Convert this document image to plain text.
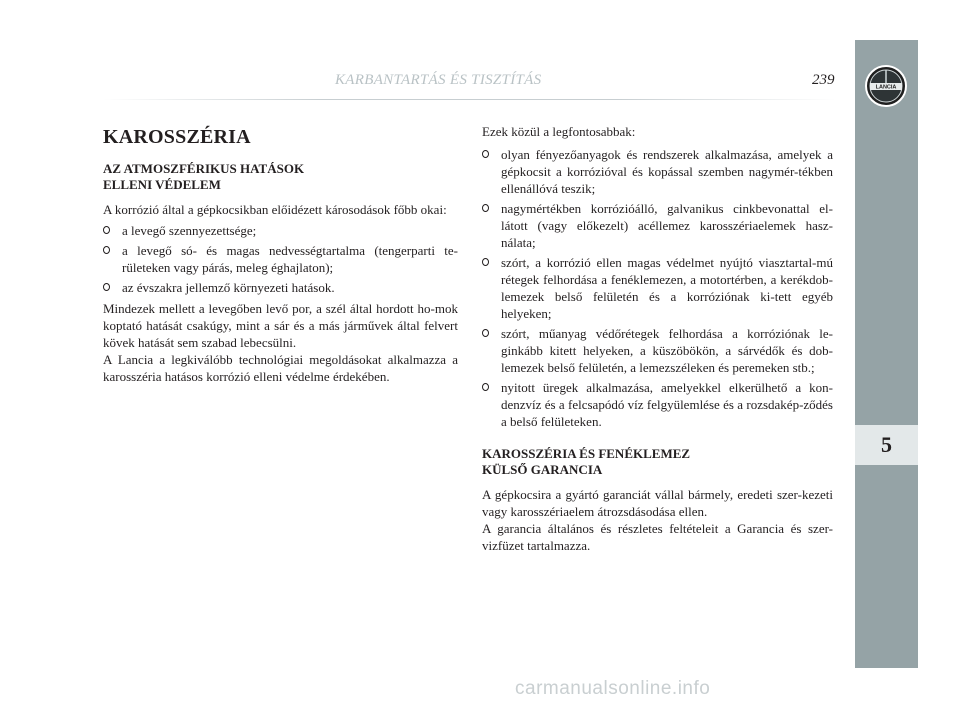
KARBANTARTÁS ÉS TISZTÍTÁS	239	LANCIA
5
KAROSSZÉRIA
AZ ATMOSZFÉRIKUS HATÁSOK
ELLENI VÉDELEM

A korrózió által a gépkocsikban előidézett károsodások főbb okai:

a levegő szennyezettsége;
a levegő só- és magas nedvességtartalma (tengerparti te-rületeken vagy párás, meleg éghajlaton);
az évszakra jellemző környezeti hatások.

Mindezek mellett a levegőben levő por, a szél által hordott ho-mok koptató hatását csakúgy, mint a sár és a más járművek által felvert kövek hatását sem szabad lebecsülni.

A Lancia a legkiválóbb technológiai megoldásokat alkalmazza a karosszéria hatásos korrózió elleni védelme érdekében.

Ezek közül a legfontosabbak:

olyan fényezőanyagok és rendszerek alkalmazása, amelyek a gépkocsit a korrózióval és kopással szemben nagymér-tékben ellenállóvá teszik;
nagymértékben korrózióálló, galvanikus cinkbevonattal el-látott (vagy előkezelt) acéllemez karosszériaelemek hasz-nálata;
szórt, a korrózió ellen magas védelmet nyújtó viasztartal-mú rétegek felhordása a fenéklemezen, a motortérben, a kerékdob-lemezek belső felületén és a korróziónak ki-tett egyéb helyeken;
szórt, műanyag védőrétegek felhordása a korróziónak le-ginkább kitett helyeken, a küszöbökön, a sárvédők és dob-lemezek belső felületén, a lemezszéleken és peremeken stb.;
nyitott üregek alkalmazása, amelyekkel elkerülhető a kon-denzvíz és a felcsapódó víz felgyülemlése és a rozsdakép-ződés a belső felületeken.
KAROSSZÉRIA ÉS FENÉKLEMEZ
KÜLSŐ GARANCIA

A gépkocsira a gyártó garanciát vállal bármely, eredeti szer-kezeti vagy karosszériaelem átrozsdásodása ellen.

A garancia általános és részletes feltételeit a Garancia és szer-vizfüzet tartalmazza.

carmanualsonline.info
